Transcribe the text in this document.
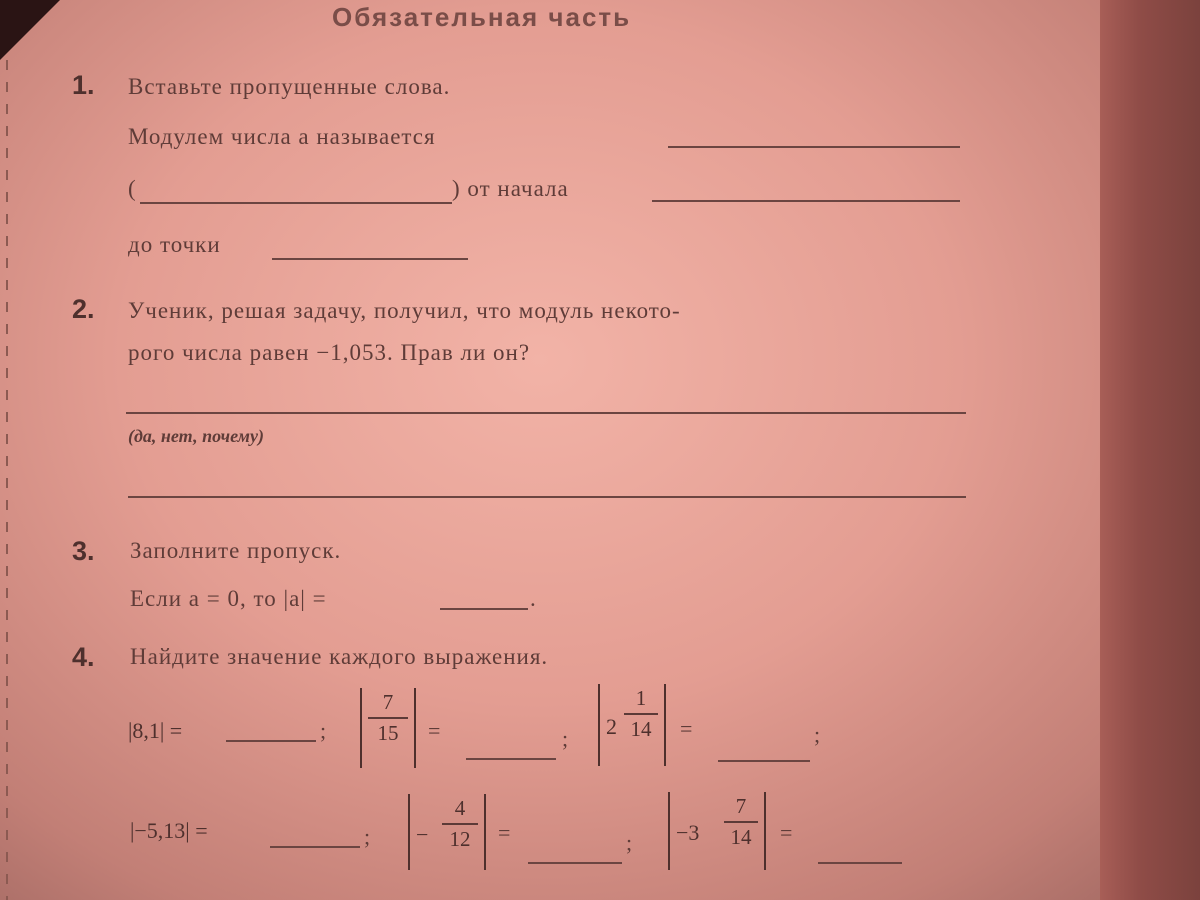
Обязательная часть
1. Вставьте пропущенные слова.
Модулем числа a называется
(	) от начала
до точки
2. Ученик, решая задачу, получил, что модуль некото-
рого числа равен −1,053. Прав ли он?
(да, нет, почему)
3. Заполните пропуск.
Если a = 0, то |a| =	.
4. Найдите значение каждого выражения.
|8,1| =	;
7
15 =	; 2
1
14 =	;
|−5,13| =	; −
4
12 =	; −3
7
14 =
